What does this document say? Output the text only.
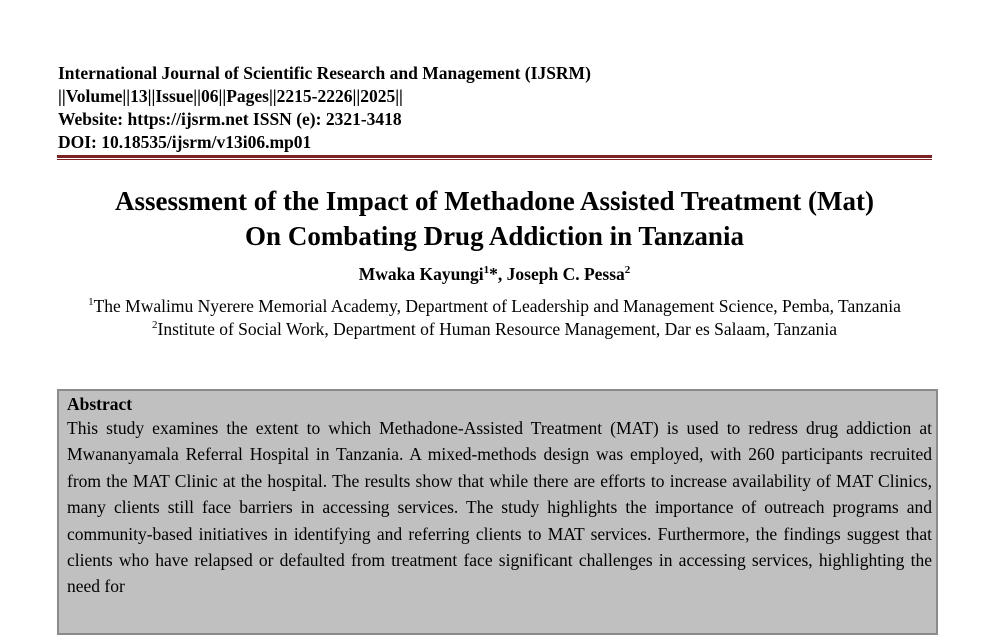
International Journal of Scientific Research and Management (IJSRM)
||Volume||13||Issue||06||Pages||2215-2226||2025||
Website: https://ijsrm.net ISSN (e): 2321-3418
DOI: 10.18535/ijsrm/v13i06.mp01
Assessment of the Impact of Methadone Assisted Treatment (Mat)
On Combating Drug Addiction in Tanzania
Mwaka Kayungi$^1$*, Joseph C. Pessa$^2$
$^1$The Mwalimu Nyerere Memorial Academy, Department of Leadership and Management Science, Pemba, Tanzania
$^2$Institute of Social Work, Department of Human Resource Management, Dar es Salaam, Tanzania
Abstract
This study examines the extent to which Methadone-Assisted Treatment (MAT) is used to redress drug addiction at Mwananyamala Referral Hospital in Tanzania. A mixed-methods design was employed, with 260 participants recruited from the MAT Clinic at the hospital. The results show that while there are efforts to increase availability of MAT Clinics, many clients still face barriers in accessing services. The study highlights the importance of outreach programs and community-based initiatives in identifying and referring clients to MAT services. Furthermore, the findings suggest that clients who have relapsed or defaulted from treatment face significant challenges in accessing services, highlighting the need for
